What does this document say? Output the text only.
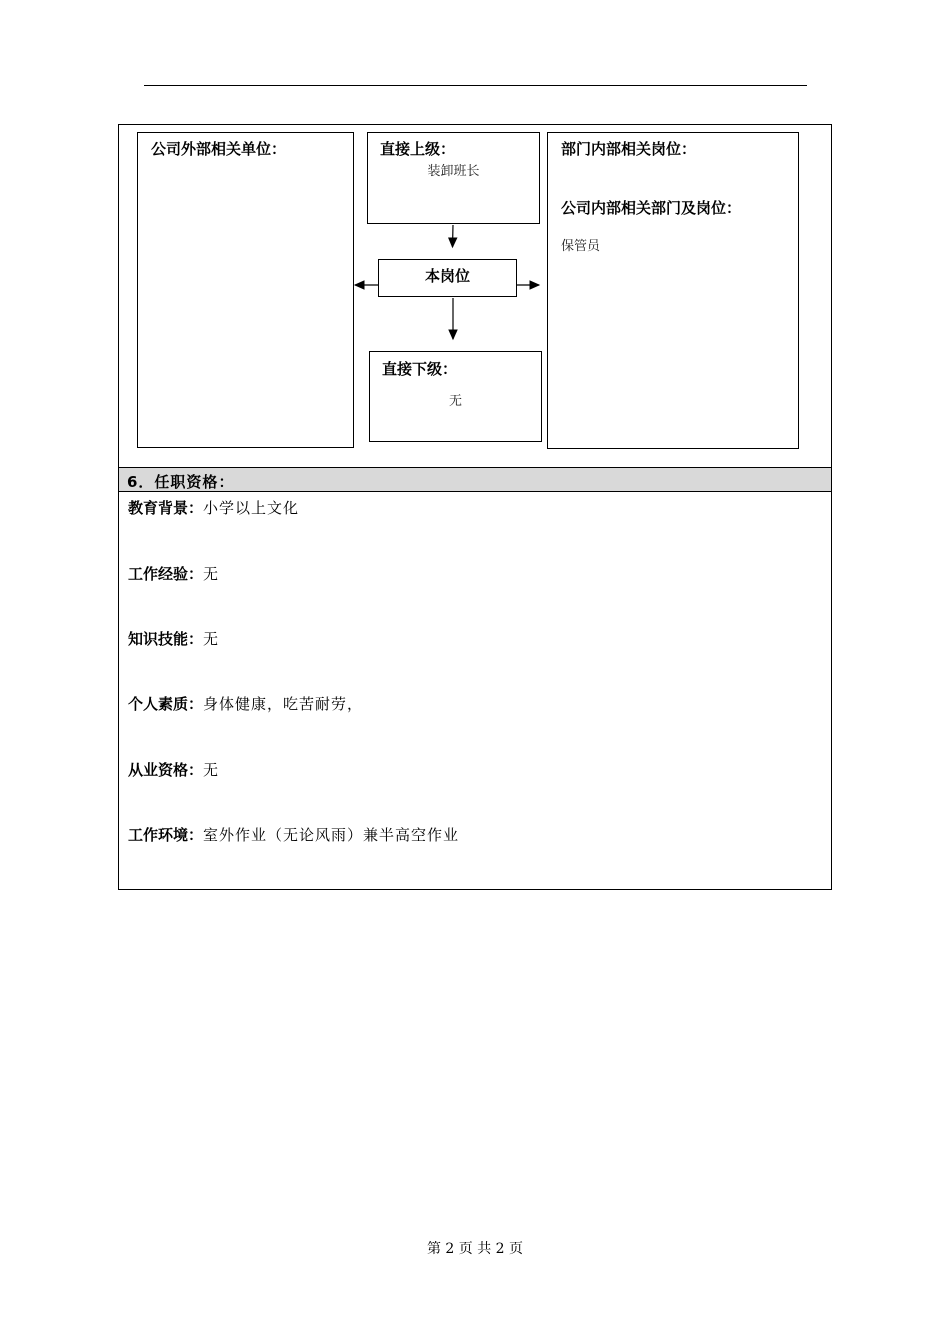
公司外部相关单位：	直接上级：
装卸班长
本岗位
直接下级：
无
部门内部相关岗位：
公司内部相关部门及岗位：
保管员
6．任职资格：
教育背景：小学以上文化
工作经验：无
知识技能：无
个人素质：身体健康，吃苦耐劳，
从业资格：无
工作环境：室外作业（无论风雨）兼半高空作业
第 2 页 共 2 页
